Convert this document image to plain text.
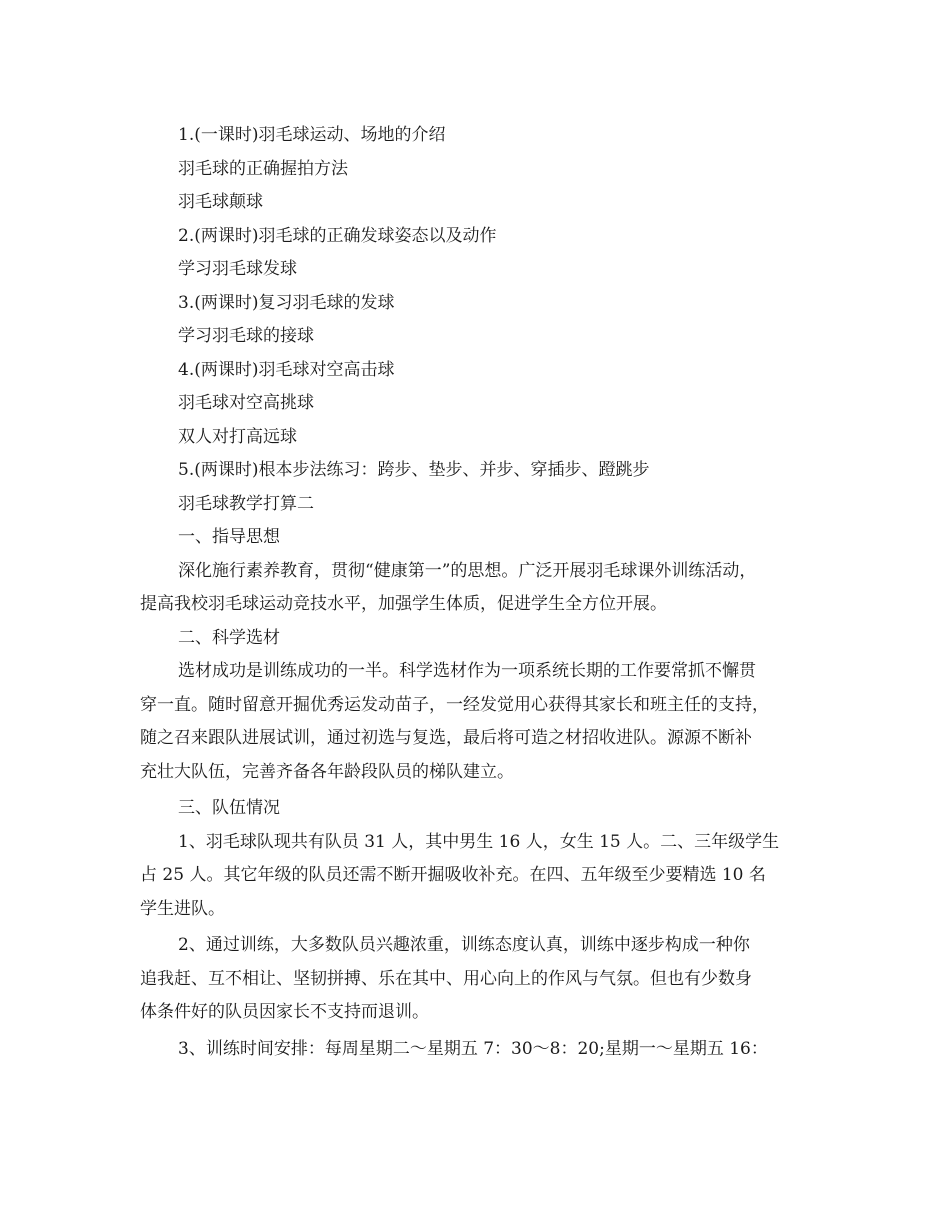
1.(一课时)羽毛球运动、场地的介绍
羽毛球的正确握拍方法
羽毛球颠球
2.(两课时)羽毛球的正确发球姿态以及动作
学习羽毛球发球
3.(两课时)复习羽毛球的发球
学习羽毛球的接球
4.(两课时)羽毛球对空高击球
羽毛球对空高挑球
双人对打高远球
5.(两课时)根本步法练习：跨步、垫步、并步、穿插步、蹬跳步
羽毛球教学打算二
一、指导思想
深化施行素养教育，贯彻“健康第一”的思想。广泛开展羽毛球课外训练活动，
提高我校羽毛球运动竞技水平，加强学生体质，促进学生全方位开展。
二、科学选材
选材成功是训练成功的一半。科学选材作为一项系统长期的工作要常抓不懈贯
穿一直。随时留意开掘优秀运发动苗子，一经发觉用心获得其家长和班主任的支持，
随之召来跟队进展试训，通过初选与复选，最后将可造之材招收进队。源源不断补
充壮大队伍，完善齐备各年龄段队员的梯队建立。
三、队伍情况
1、羽毛球队现共有队员 31 人，其中男生 16 人，女生 15 人。二、三年级学生
占 25 人。其它年级的队员还需不断开掘吸收补充。在四、五年级至少要精选 10 名
学生进队。
2、通过训练，大多数队员兴趣浓重，训练态度认真，训练中逐步构成一种你
追我赶、互不相让、坚韧拼搏、乐在其中、用心向上的作风与气氛。但也有少数身
体条件好的队员因家长不支持而退训。
3、训练时间安排：每周星期二～星期五 7：30～8：20;星期一～星期五 16：
